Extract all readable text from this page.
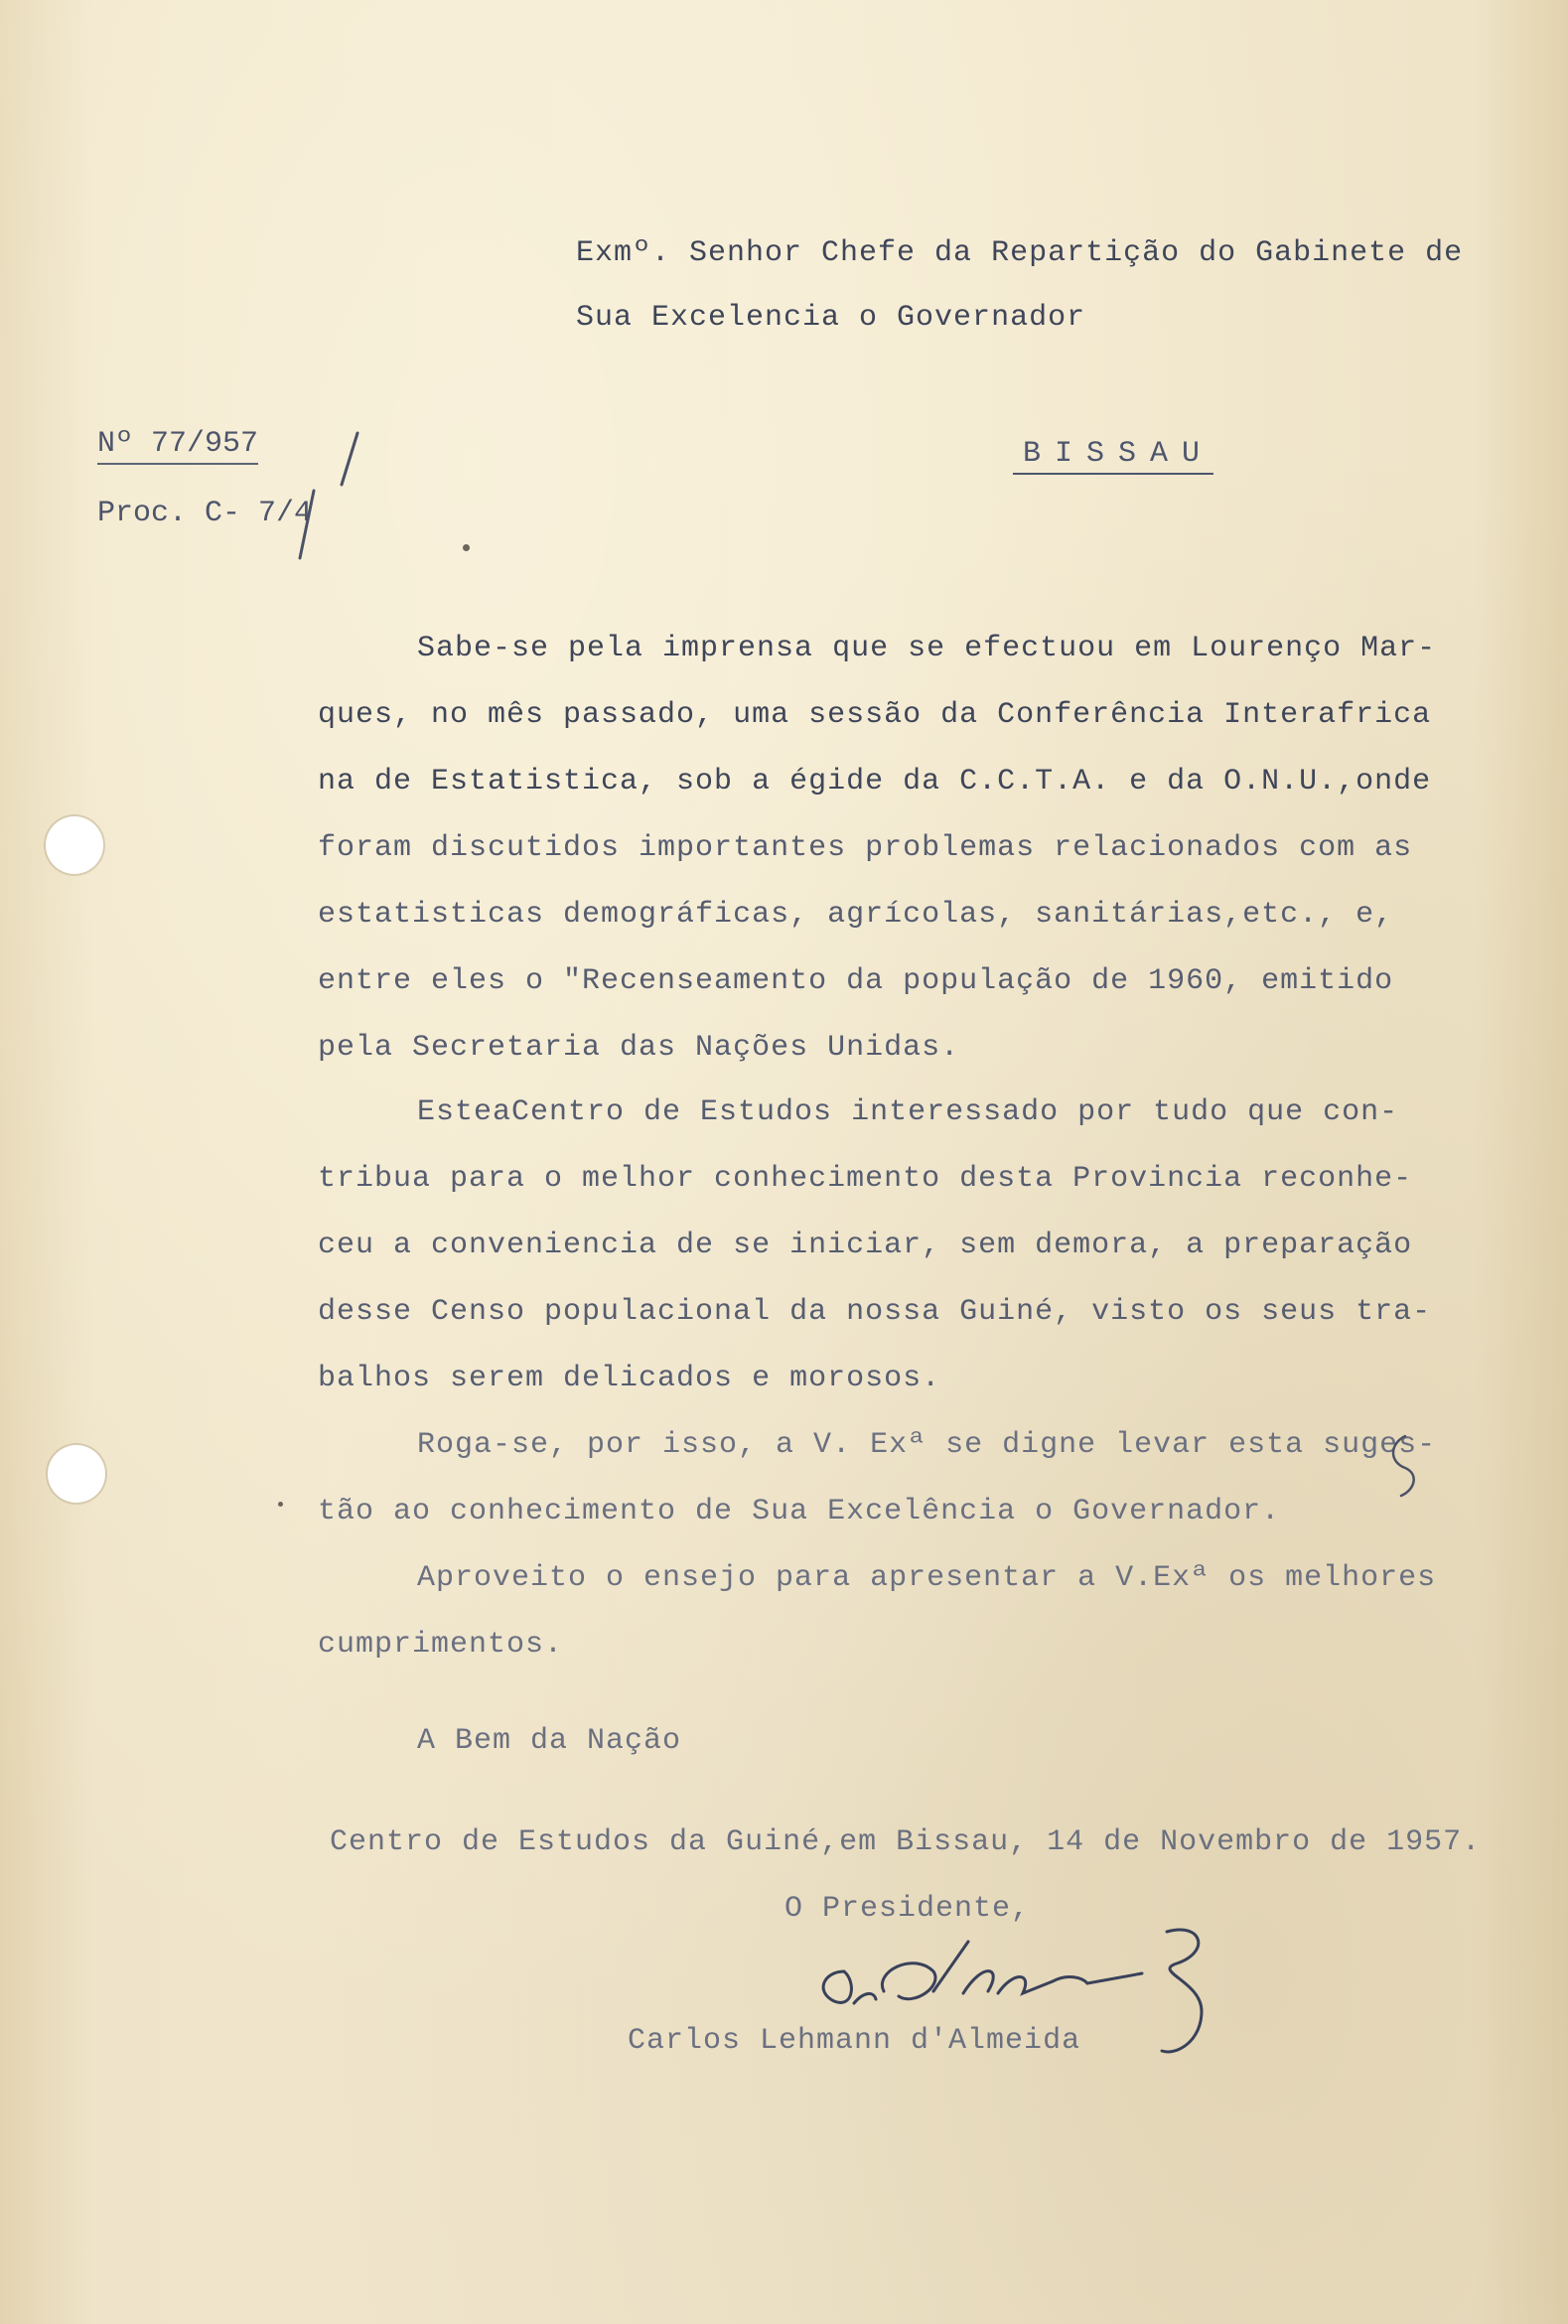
Exmº. Senhor Chefe da Repartição do Gabinete de
Sua Excelencia o Governador
Nº 77/957
Proc. C- 7/4
BISSAU
Sabe-se pela imprensa que se efectuou em Lourenço Mar-
ques, no mês passado, uma sessão da Conferência Interafrica
na de Estatistica, sob a égide da C.C.T.A. e da O.N.U.,onde
foram discutidos importantes problemas relacionados com as
estatisticas demográficas, agrícolas, sanitárias,etc., e,
entre eles o "Recenseamento da população de 1960, emitido
pela Secretaria das Nações Unidas.
EsteaCentro de Estudos interessado por tudo que con-
tribua para o melhor conhecimento desta Provincia reconhe-
ceu a conveniencia de se iniciar, sem demora, a preparação
desse Censo populacional da nossa Guiné, visto os seus tra-
balhos serem delicados e morosos.
Roga-se, por isso, a V. Exª se digne levar esta suges-
tão ao conhecimento de Sua Excelência o Governador.
Aproveito o ensejo para apresentar a V.Exª os melhores
cumprimentos.
A Bem da Nação
Centro de Estudos da Guiné,em Bissau, 14 de Novembro de 1957.
O Presidente,
Carlos Lehmann d'Almeida
